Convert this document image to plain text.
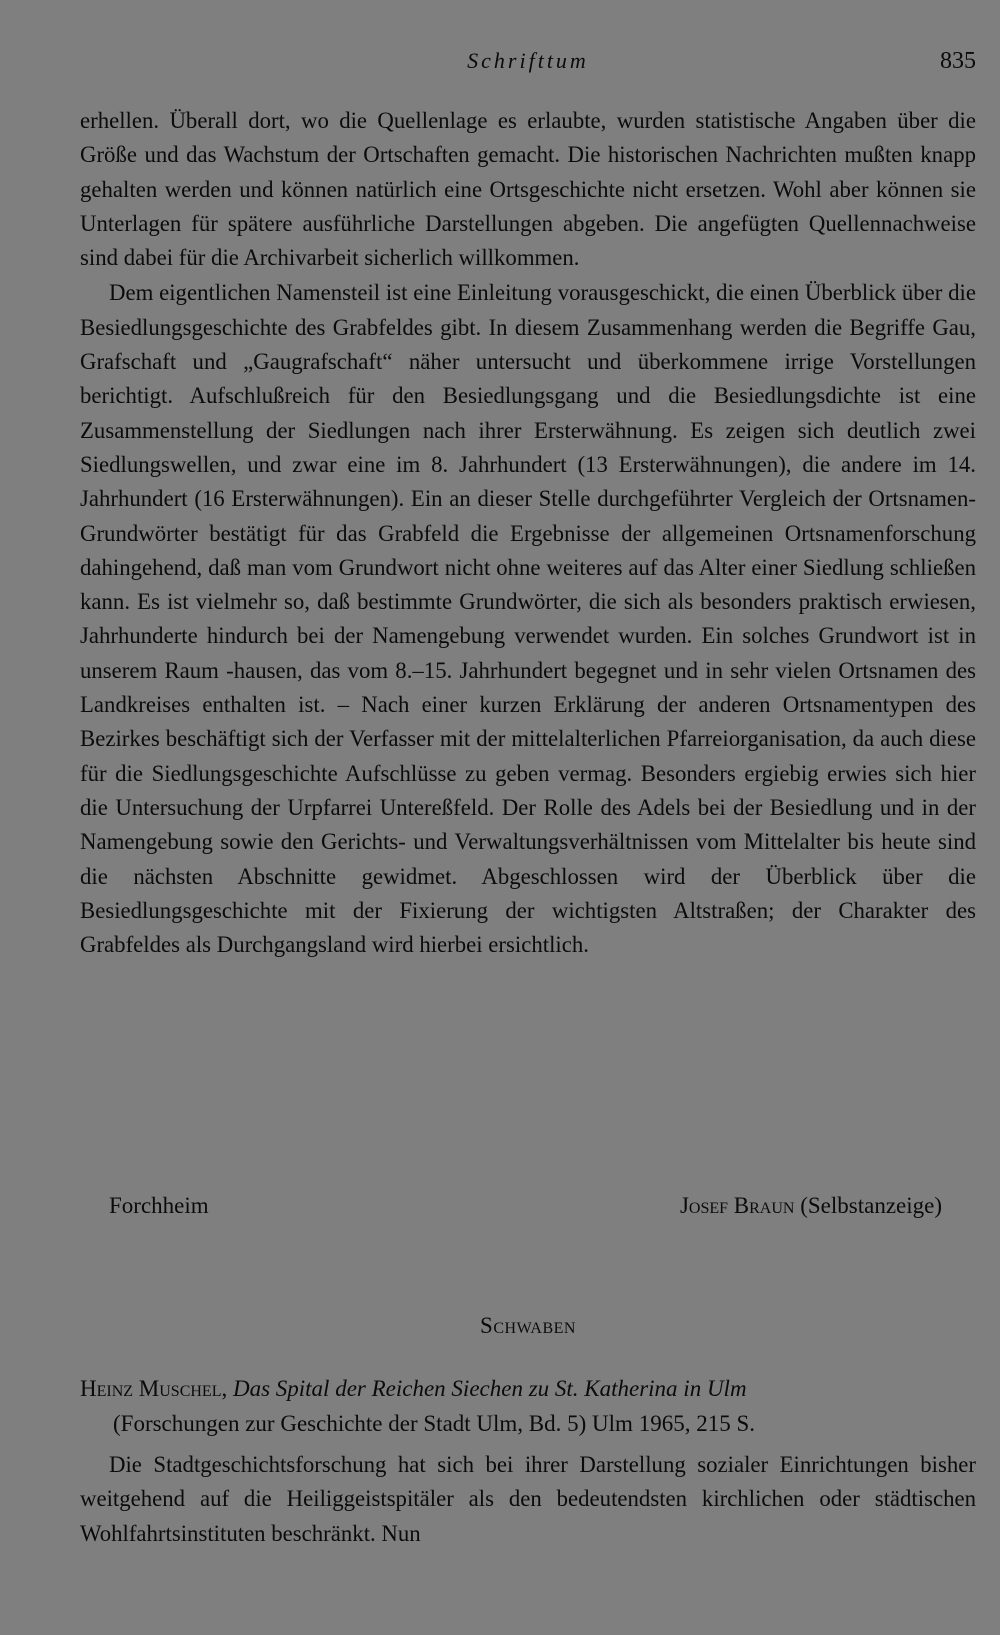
Schrifttum	835

erhellen. Überall dort, wo die Quellenlage es erlaubte, wurden statistische Angaben über die Größe und das Wachstum der Ortschaften gemacht. Die historischen Nachrichten mußten knapp gehalten werden und können natürlich eine Ortsgeschichte nicht ersetzen. Wohl aber können sie Unterlagen für spätere ausführliche Darstellungen abgeben. Die angefügten Quellennachweise sind dabei für die Archivarbeit sicherlich willkommen.

Dem eigentlichen Namensteil ist eine Einleitung vorausgeschickt, die einen Überblick über die Besiedlungsgeschichte des Grabfeldes gibt. In diesem Zusammenhang werden die Begriffe Gau, Grafschaft und „Gaugrafschaft“ näher untersucht und überkommene irrige Vorstellungen berichtigt. Aufschlußreich für den Besiedlungsgang und die Besiedlungsdichte ist eine Zusammenstellung der Siedlungen nach ihrer Ersterwähnung. Es zeigen sich deutlich zwei Siedlungswellen, und zwar eine im 8. Jahrhundert (13 Ersterwähnungen), die andere im 14. Jahrhundert (16 Ersterwähnungen). Ein an dieser Stelle durchgeführter Vergleich der Ortsnamen-Grundwörter bestätigt für das Grabfeld die Ergebnisse der allgemeinen Ortsnamenforschung dahingehend, daß man vom Grundwort nicht ohne weiteres auf das Alter einer Siedlung schließen kann. Es ist vielmehr so, daß bestimmte Grundwörter, die sich als besonders praktisch erwiesen, Jahrhunderte hindurch bei der Namengebung verwendet wurden. Ein solches Grundwort ist in unserem Raum -hausen, das vom 8.–15. Jahrhundert begegnet und in sehr vielen Ortsnamen des Landkreises enthalten ist. – Nach einer kurzen Erklärung der anderen Ortsnamentypen des Bezirkes beschäftigt sich der Verfasser mit der mittelalterlichen Pfarreiorganisation, da auch diese für die Siedlungsgeschichte Aufschlüsse zu geben vermag. Besonders ergiebig erwies sich hier die Untersuchung der Urpfarrei Untereßfeld. Der Rolle des Adels bei der Besiedlung und in der Namengebung sowie den Gerichts- und Verwaltungsverhältnissen vom Mittelalter bis heute sind die nächsten Abschnitte gewidmet. Abgeschlossen wird der Überblick über die Besiedlungsgeschichte mit der Fixierung der wichtigsten Altstraßen; der Charakter des Grabfeldes als Durchgangsland wird hierbei ersichtlich.

Forchheim	Josef Braun (Selbstanzeige)
Schwaben
Heinz Muschel, Das Spital der Reichen Siechen zu St. Katherina in Ulm
(Forschungen zur Geschichte der Stadt Ulm, Bd. 5) Ulm 1965, 215 S.

Die Stadtgeschichtsforschung hat sich bei ihrer Darstellung sozialer Einrichtungen bisher weitgehend auf die Heiliggeistspitäler als den bedeutendsten kirchlichen oder städtischen Wohlfahrtsinstituten beschränkt. Nun
